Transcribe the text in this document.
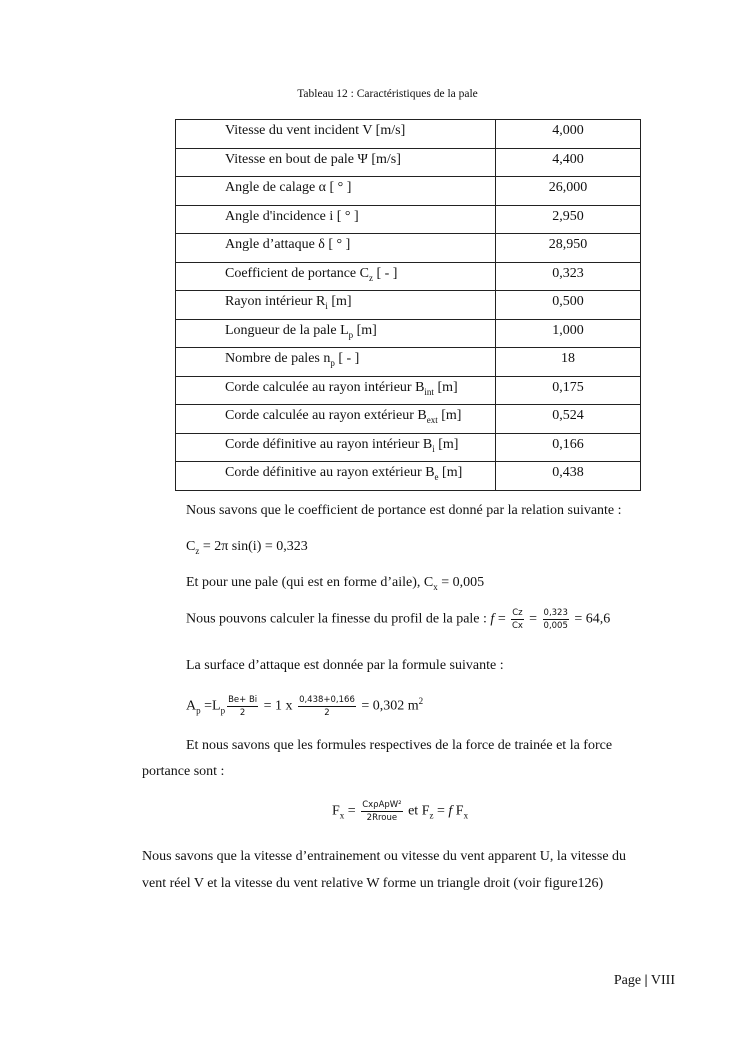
Tableau 12 : Caractéristiques de la pale
Vitesse du vent incident V [m/s]	4,000
Vitesse en bout de pale Ψ [m/s]	4,400
Angle de calage α [ ° ]	26,000
Angle d'incidence i [ ° ]	2,950
Angle d’attaque δ [ ° ]	28,950
Coefficient de portance $C_z$ [ - ]	0,323
Rayon intérieur $R_i$ [m]	0,500
Longueur de la pale $L_p$ [m]	1,000
Nombre de pales $n_p$ [ - ]	18
Corde calculée au rayon intérieur $B_{int}$ [m]	0,175
Corde calculée au rayon extérieur $B_{ext}$ [m]	0,524
Corde définitive au rayon intérieur $B_i$ [m]	0,166
Corde définitive au rayon extérieur $B_e$ [m]	0,438
Nous savons que le coefficient de portance est donné par la relation suivante :
$C_z = 2\pi$ sin(i) = 0,323
Et pour une pale (qui est en forme d’aile), $C_x = 0,005$
Nous pouvons calculer la finesse du profil de la pale : $f = \frac{Cz}{Cx} = \frac{0,323}{0,005} = 64,6$
La surface d’attaque est donnée par la formule suivante :
$A_p =L_p \frac{Be+ Bi}{2} = 1$ x $\frac{0,438+0,166}{2} = 0,302$ $m^2$
Et nous savons que les formules respectives de la force de trainée et la force
portance sont :
$F_x = \frac{\text{CxρApW²}}{\text{2Rroue}}$ et $F_z = f$ $F_x$
Nous savons que la vitesse d’entrainement ou vitesse du vent apparent U, la vitesse du
vent réel V et la vitesse du vent relative W forme un triangle droit (voir figure126)
Page | VIII
